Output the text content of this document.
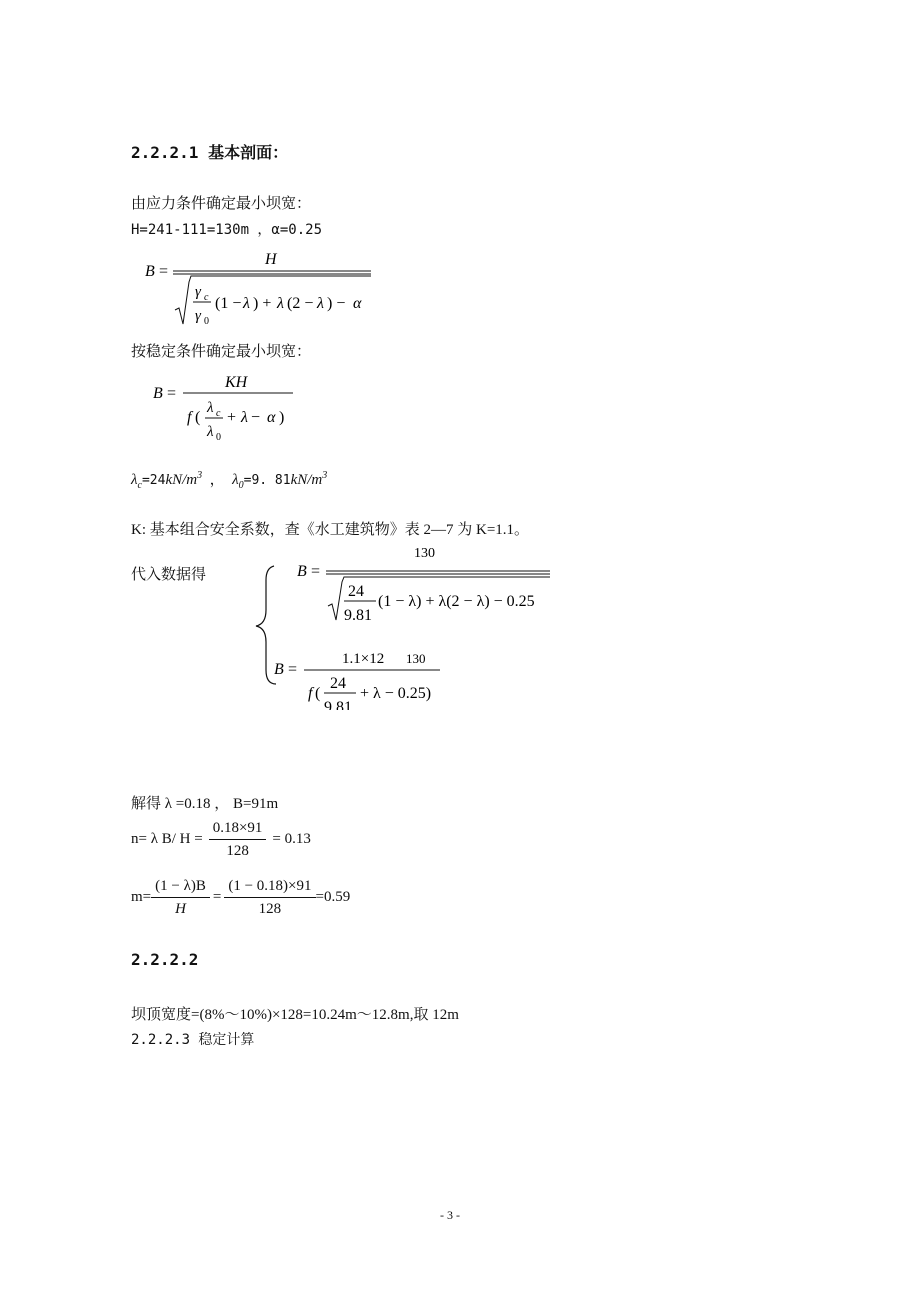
2.2.2.1 基本剖面：
由应力条件确定最小坝宽：
H=241-111=130m ，α=0.25
B =
H
γ c
γ 0
(1 − λ ) + λ (2 − λ ) − α
按稳定条件确定最小坝宽：
B =
KH
f (
λ c
λ 0
+ λ − α )
$\lambda_c=24kN/m^3$  ，  $\lambda_0=9$. $81kN/m^3$
K: 基本组合安全系数，查《水工建筑物》表 2—7 为 K=1.1。
代入数据得	B =
130
24
9.81
(1 − λ) + λ(2 − λ) − 0.25
B =
1.1×12 130
f (
24
9.81
+ λ − 0.25)
解得 λ =0.18 ， B=91m
n= λ B/ $H = \frac{0.18\times 91}{128} = 0.13$
$m= \frac{(1 - \lambda)B}{H} = \frac{(1 - 0.18)\times 91}{128} =0.59$
2.2.2.2
坝顶宽度=(8%～10%)×128=10.24m～12.8m,取 12m
2.2.2.3 稳定计算
- 3 -
